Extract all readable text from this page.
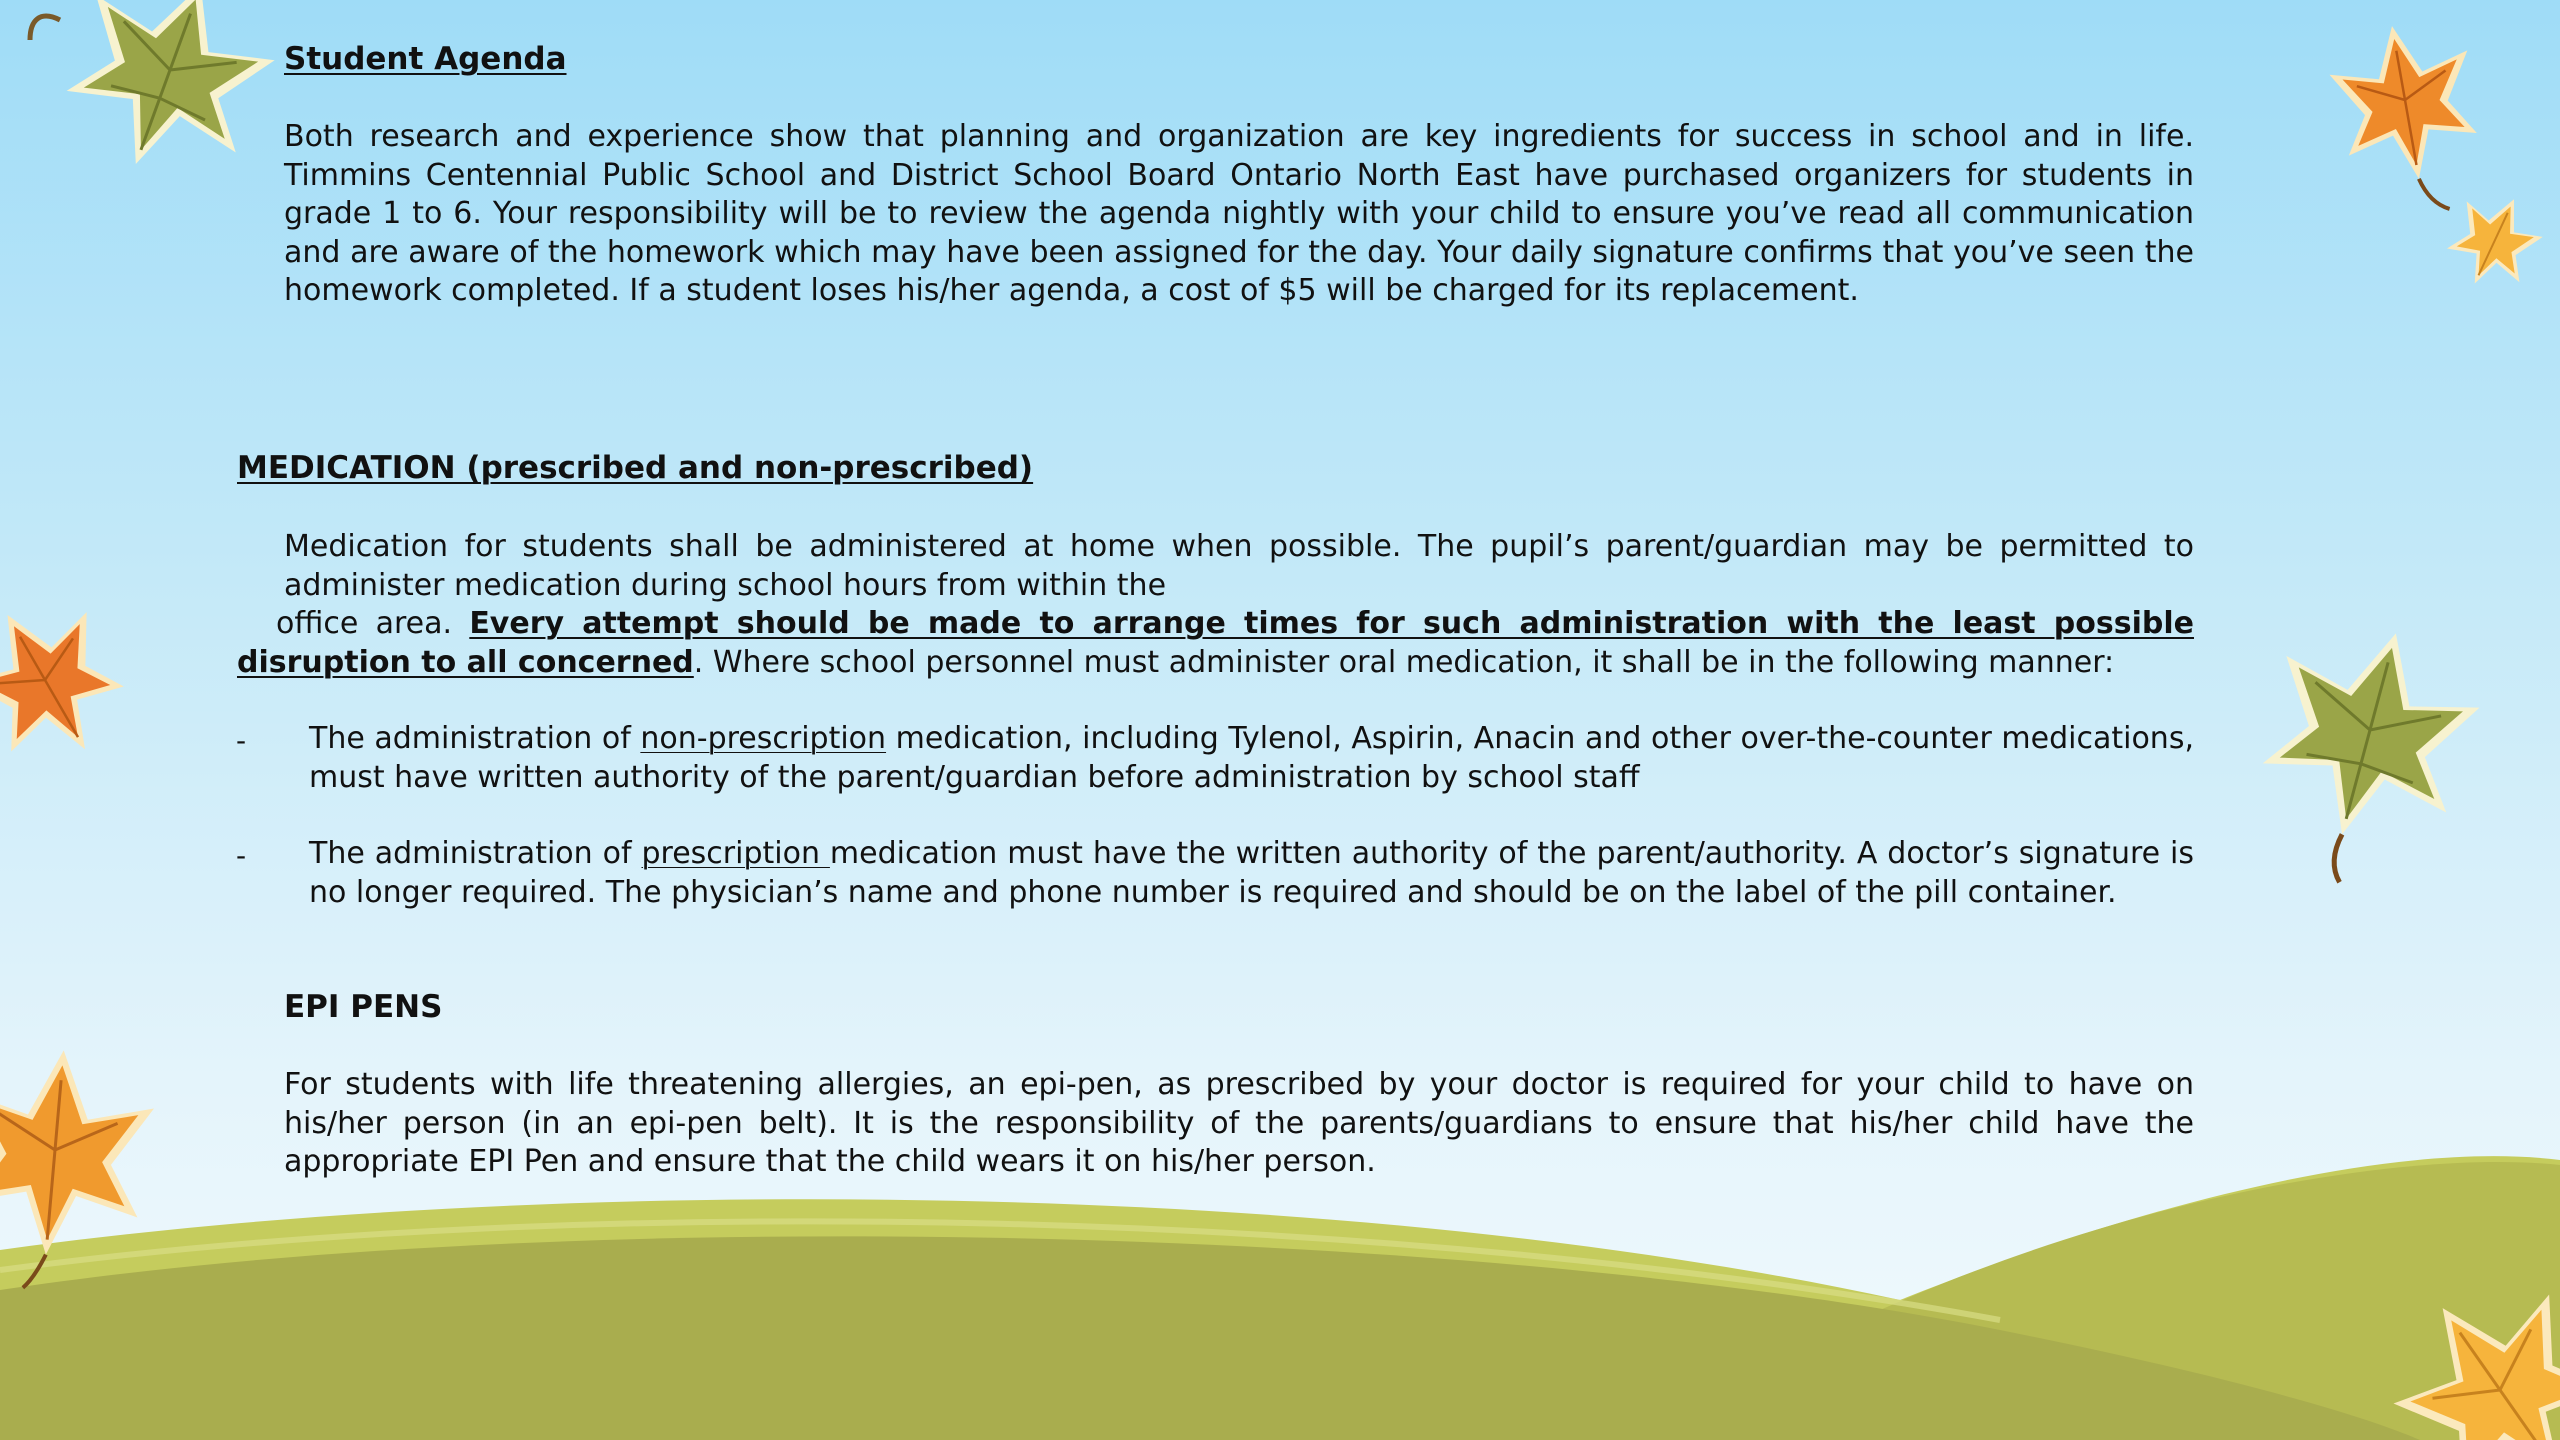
Student Agenda
Both research and experience show that planning and organization are key ingredients for success in school and in life. Timmins Centennial Public School and District School Board Ontario North East have purchased organizers for students in grade 1 to 6. Your responsibility will be to review the agenda nightly with your child to ensure you’ve read all communication and are aware of the homework which may have been assigned for the day. Your daily signature confirms that you’ve seen the homework completed. If a student loses his/her agenda, a cost of $5 will be charged for its replacement.
MEDICATION (prescribed and non-prescribed)
Medication for students shall be administered at home when possible. The pupil’s parent/guardian may be permitted to administer medication during school hours from within the
office area. Every attempt should be made to arrange times for such administration with the least possible disruption to all concerned. Where school personnel must administer oral medication, it shall be in the following manner:
- The administration of non-prescription medication, including Tylenol, Aspirin, Anacin and other over-the-counter medications, must have written authority of the parent/guardian before administration by school staff
- The administration of prescription medication must have the written authority of the parent/authority. A doctor’s signature is no longer required. The physician’s name and phone number is required and should be on the label of the pill container.
EPI PENS
For students with life threatening allergies, an epi-pen, as prescribed by your doctor is required for your child to have on his/her person (in an epi-pen belt). It is the responsibility of the parents/guardians to ensure that his/her child have the appropriate EPI Pen and ensure that the child wears it on his/her person.
